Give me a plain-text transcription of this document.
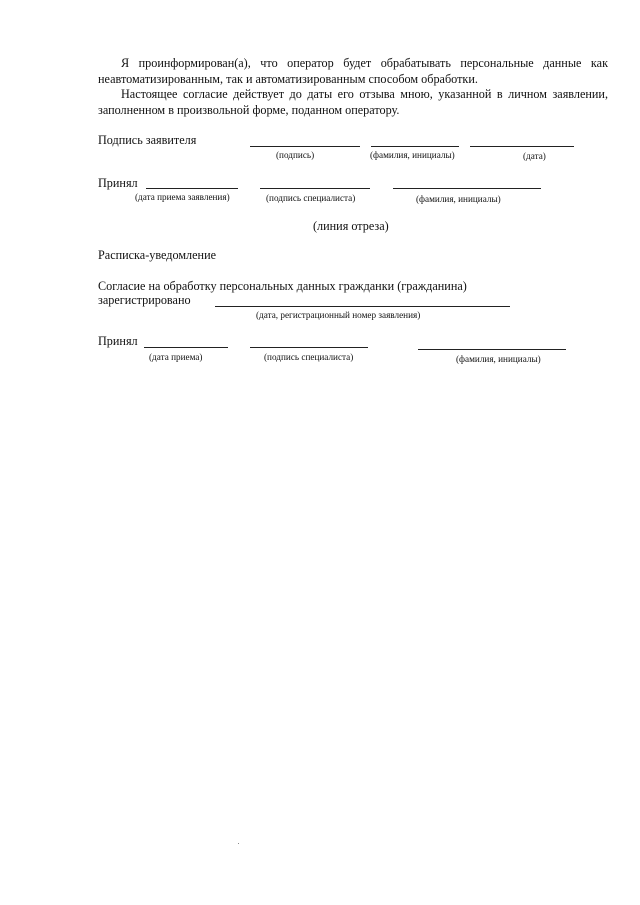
Я проинформирован(а), что оператор будет обрабатывать персональные данные как
неавтоматизированным, так и автоматизированным способом обработки.
Настоящее согласие действует до даты его отзыва мною, указанной в личном заявлении,
заполненном в произвольной форме, поданном оператору.
Подпись заявителя
(подпись)	(фамилия, инициалы)	(дата)
Принял
(дата приема заявления)	(подпись специалиста)	(фамилия, инициалы)
(линия отреза)
Расписка-уведомление
Согласие на обработку персональных данных гражданки (гражданина)
зарегистрировано
(дата, регистрационный номер заявления)
Принял
(дата приема)	(подпись специалиста)	(фамилия, инициалы)
